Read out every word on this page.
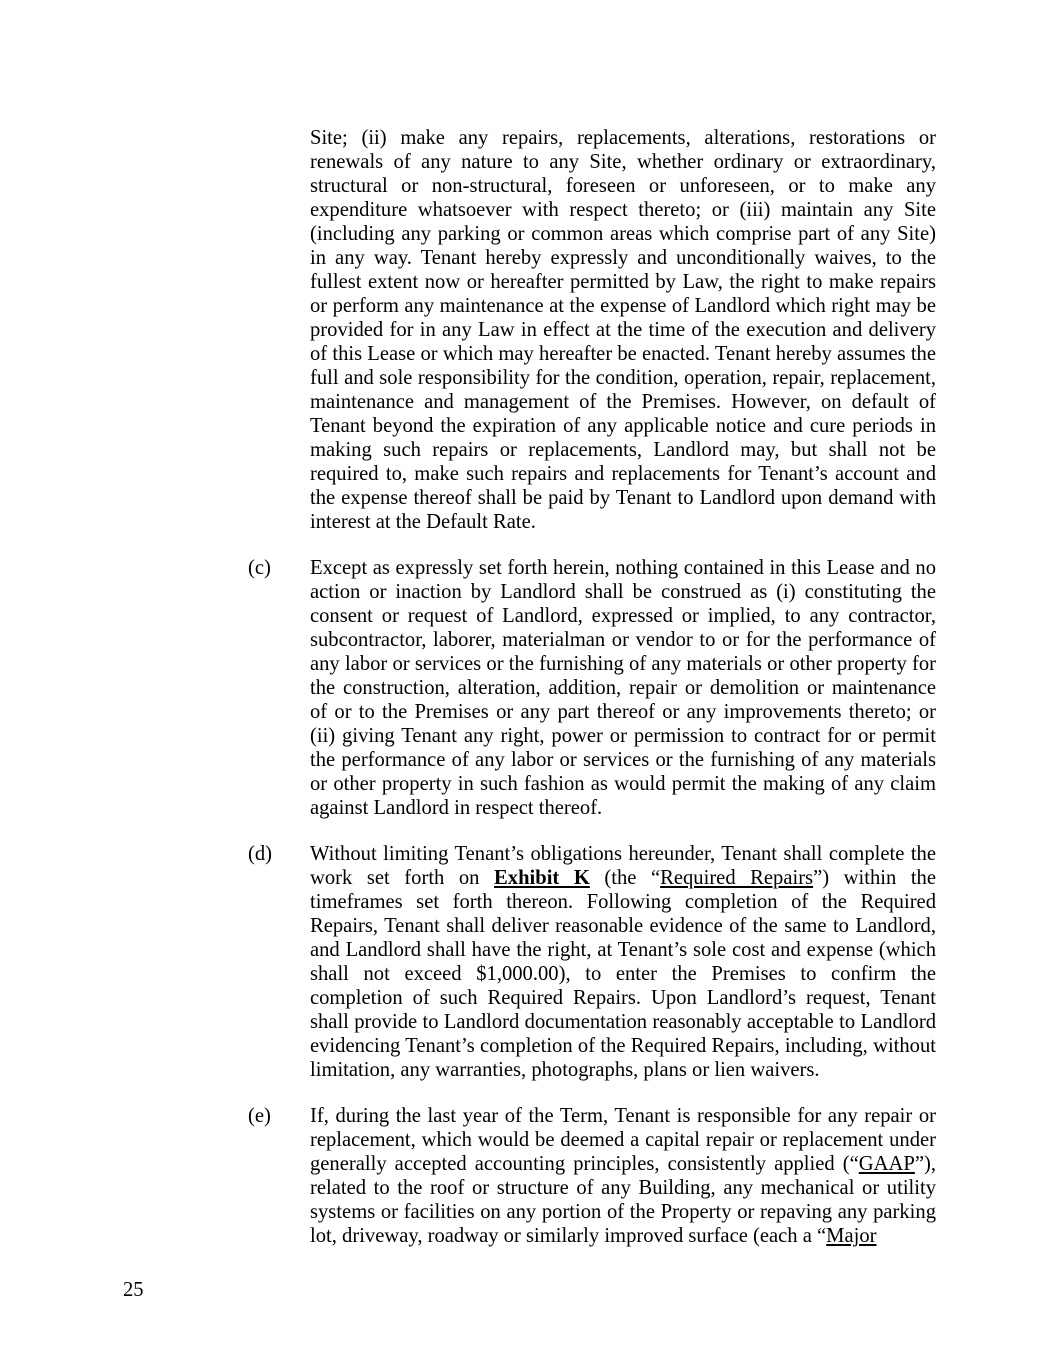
Site; (ii) make any repairs, replacements, alterations, restorations or renewals of any nature to any Site, whether ordinary or extraordinary, structural or non-structural, foreseen or unforeseen, or to make any expenditure whatsoever with respect thereto; or (iii) maintain any Site (including any parking or common areas which comprise part of any Site) in any way. Tenant hereby expressly and unconditionally waives, to the fullest extent now or hereafter permitted by Law, the right to make repairs or perform any maintenance at the expense of Landlord which right may be provided for in any Law in effect at the time of the execution and delivery of this Lease or which may hereafter be enacted. Tenant hereby assumes the full and sole responsibility for the condition, operation, repair, replacement, maintenance and management of the Premises. However, on default of Tenant beyond the expiration of any applicable notice and cure periods in making such repairs or replacements, Landlord may, but shall not be required to, make such repairs and replacements for Tenant’s account and the expense thereof shall be paid by Tenant to Landlord upon demand with interest at the Default Rate.
(c)	Except as expressly set forth herein, nothing contained in this Lease and no action or inaction by Landlord shall be construed as (i) constituting the consent or request of Landlord, expressed or implied, to any contractor, subcontractor, laborer, materialman or vendor to or for the performance of any labor or services or the furnishing of any materials or other property for the construction, alteration, addition, repair or demolition or maintenance of or to the Premises or any part thereof or any improvements thereto; or (ii) giving Tenant any right, power or permission to contract for or permit the performance of any labor or services or the furnishing of any materials or other property in such fashion as would permit the making of any claim against Landlord in respect thereof.
(d)	Without limiting Tenant’s obligations hereunder, Tenant shall complete the work set forth on Exhibit K (the “Required Repairs”) within the timeframes set forth thereon. Following completion of the Required Repairs, Tenant shall deliver reasonable evidence of the same to Landlord, and Landlord shall have the right, at Tenant’s sole cost and expense (which shall not exceed $1,000.00), to enter the Premises to confirm the completion of such Required Repairs. Upon Landlord’s request, Tenant shall provide to Landlord documentation reasonably acceptable to Landlord evidencing Tenant’s completion of the Required Repairs, including, without limitation, any warranties, photographs, plans or lien waivers.
(e)	If, during the last year of the Term, Tenant is responsible for any repair or replacement, which would be deemed a capital repair or replacement under generally accepted accounting principles, consistently applied (“GAAP”), related to the roof or structure of any Building, any mechanical or utility systems or facilities on any portion of the Property or repaving any parking lot, driveway, roadway or similarly improved surface (each a “Major
25
